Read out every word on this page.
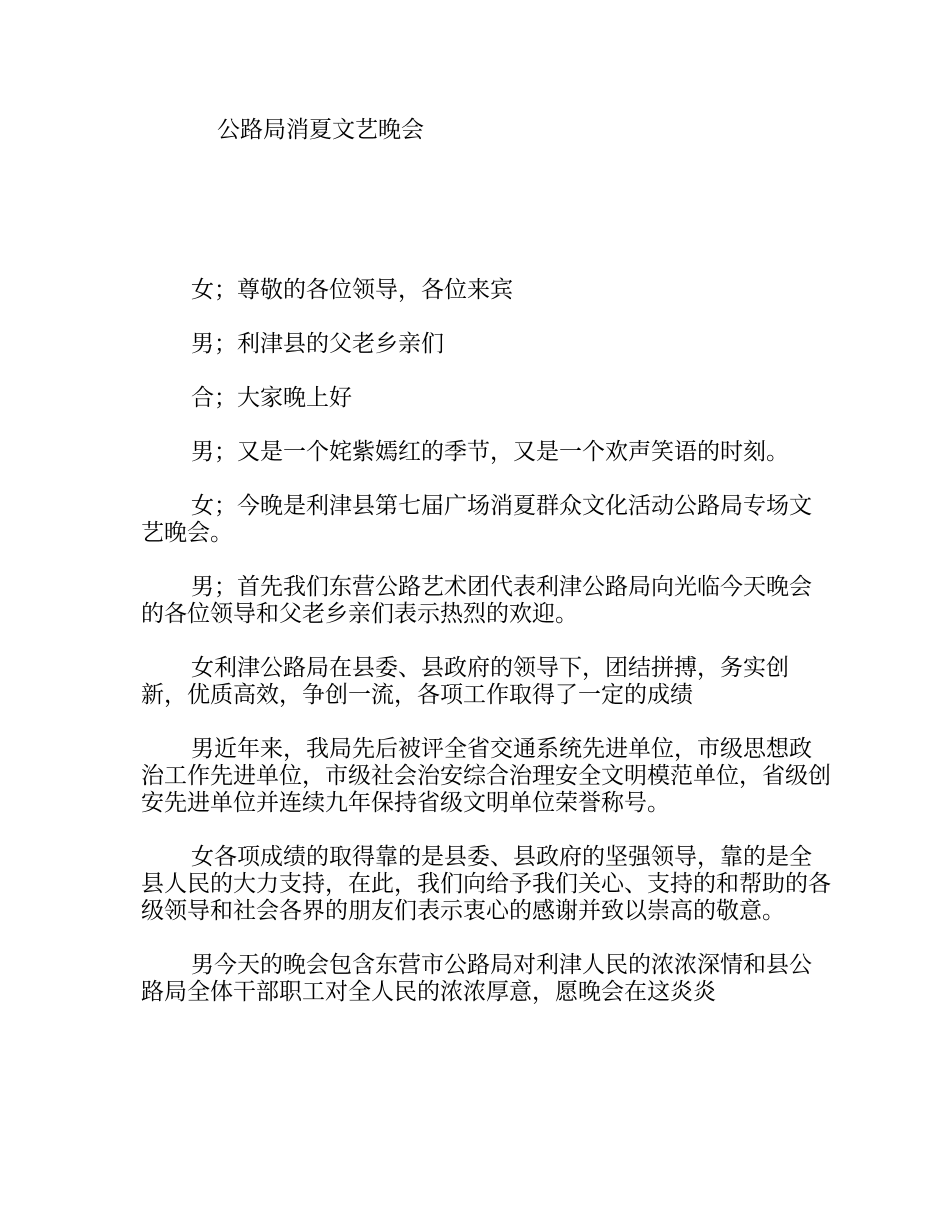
公路局消夏文艺晚会

女；尊敬的各位领导，各位来宾

男；利津县的父老乡亲们

合；大家晚上好

男；又是一个姹紫嫣红的季节，又是一个欢声笑语的时刻。

女；今晚是利津县第七届广场消夏群众文化活动公路局专场文艺晚会。

男；首先我们东营公路艺术团代表利津公路局向光临今天晚会的各位领导和父老乡亲们表示热烈的欢迎。

女利津公路局在县委、县政府的领导下，团结拼搏，务实创新，优质高效，争创一流，各项工作取得了一定的成绩

男近年来，我局先后被评全省交通系统先进单位，市级思想政治工作先进单位，市级社会治安综合治理安全文明模范单位，省级创安先进单位并连续九年保持省级文明单位荣誉称号。

女各项成绩的取得靠的是县委、县政府的坚强领导，靠的是全县人民的大力支持，在此，我们向给予我们关心、支持的和帮助的各级领导和社会各界的朋友们表示衷心的感谢并致以崇高的敬意。

男今天的晚会包含东营市公路局对利津人民的浓浓深情和县公路局全体干部职工对全人民的浓浓厚意，愿晚会在这炎炎
